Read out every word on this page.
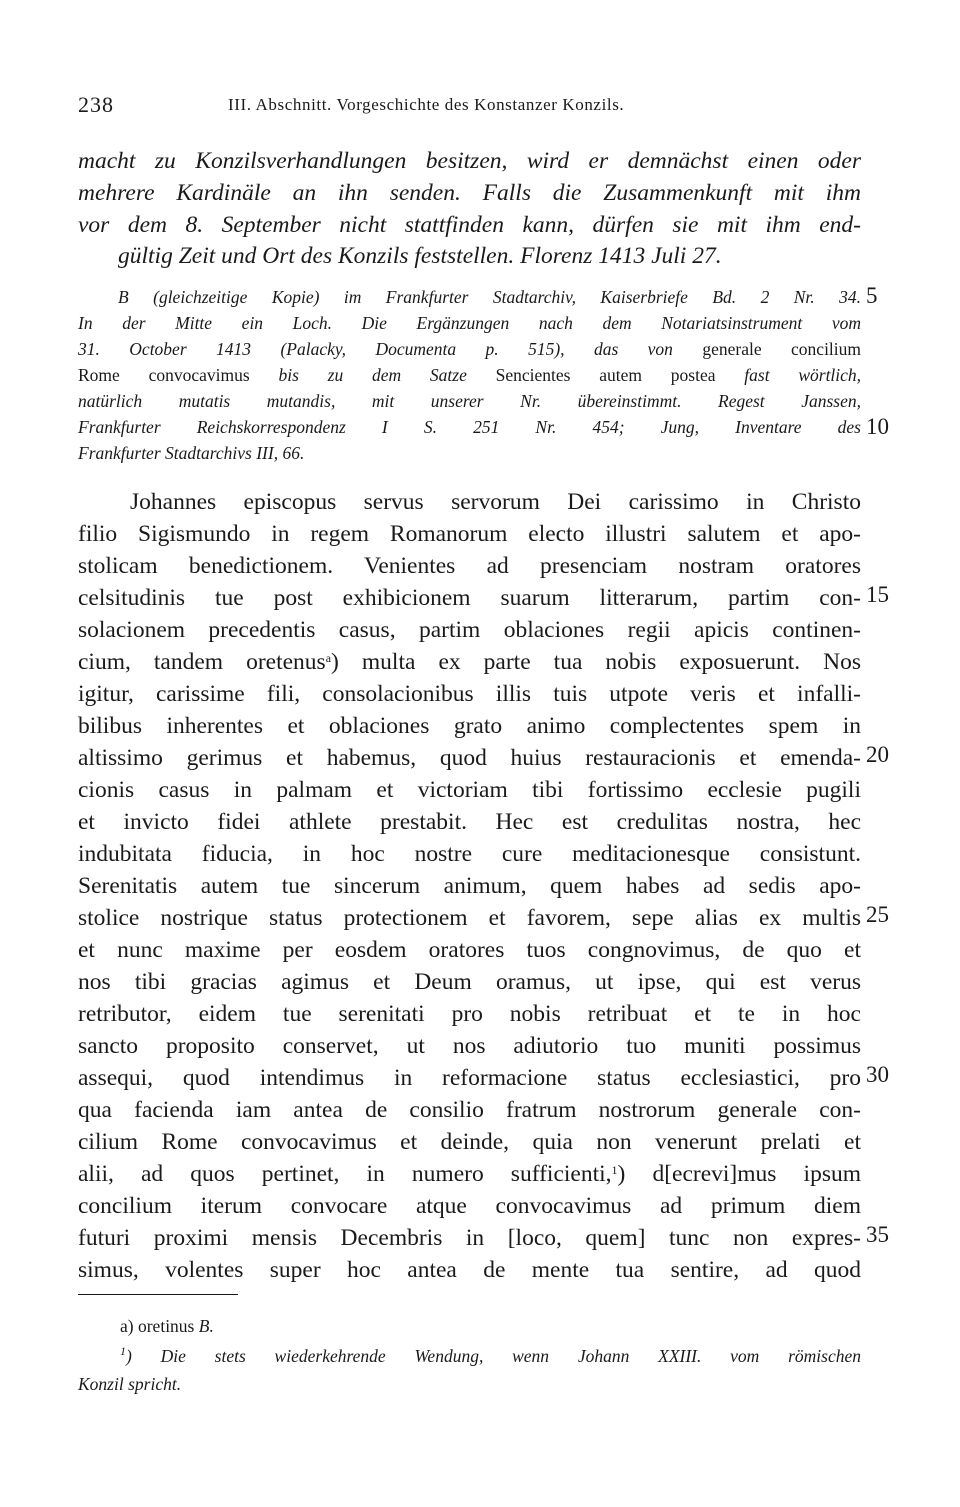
238	III. Abschnitt. Vorgeschichte des Konstanzer Konzils.
macht zu Konzilsverhandlungen besitzen, wird er demnächst einen oder
mehrere Kardinäle an ihn senden. Falls die Zusammenkunft mit ihm
vor dem 8. September nicht stattfinden kann, dürfen sie mit ihm end-
gültig Zeit und Ort des Konzils feststellen. Florenz 1413 Juli 27.
B (gleichzeitige Kopie) im Frankfurter Stadtarchiv, Kaiserbriefe Bd. 2 Nr. 34.
In der Mitte ein Loch. Die Ergänzungen nach dem Notariatsinstrument vom
31. October 1413 (Palacky, Documenta p. 515), das von generale concilium
Rome convocavimus bis zu dem Satze Sencientes autem postea fast wörtlich,
natürlich mutatis mutandis, mit unserer Nr. übereinstimmt. Regest Janssen,
Frankfurter Reichskorrespondenz I S. 251 Nr. 454; Jung, Inventare des
Frankfurter Stadtarchivs III, 66.
5
10
Johannes episcopus servus servorum Dei carissimo in Christo
filio Sigismundo in regem Romanorum electo illustri salutem et apo-
stolicam benedictionem. Venientes ad presenciam nostram oratores
celsitudinis tue post exhibicionem suarum litterarum, partim con-
solacionem precedentis casus, partim oblaciones regii apicis continen-
cium, tandem oretenus$^a$) multa ex parte tua nobis exposuerunt. Nos
igitur, carissime fili, consolacionibus illis tuis utpote veris et infalli-
bilibus inherentes et oblaciones grato animo complectentes spem in
altissimo gerimus et habemus, quod huius restauracionis et emenda-
cionis casus in palmam et victoriam tibi fortissimo ecclesie pugili
et invicto fidei athlete prestabit. Hec est credulitas nostra, hec
indubitata fiducia, in hoc nostre cure meditacionesque consistunt.
Serenitatis autem tue sincerum animum, quem habes ad sedis apo-
stolice nostrique status protectionem et favorem, sepe alias ex multis
et nunc maxime per eosdem oratores tuos congnovimus, de quo et
nos tibi gracias agimus et Deum oramus, ut ipse, qui est verus
retributor, eidem tue serenitati pro nobis retribuat et te in hoc
sancto proposito conservet, ut nos adiutorio tuo muniti possimus
assequi, quod intendimus in reformacione status ecclesiastici, pro
qua facienda iam antea de consilio fratrum nostrorum generale con-
cilium Rome convocavimus et deinde, quia non venerunt prelati et
alii, ad quos pertinet, in numero sufficienti,$^1$) d[ecrevi]mus ipsum
concilium iterum convocare atque convocavimus ad primum diem
futuri proximi mensis Decembris in [loco, quem] tunc non expres-
simus, volentes super hoc antea de mente tua sentire, ad quod
15
20
25
30
35
a) oretinus B.
$^1$) Die stets wiederkehrende Wendung, wenn Johann XXIII. vom römischen
Konzil spricht.
